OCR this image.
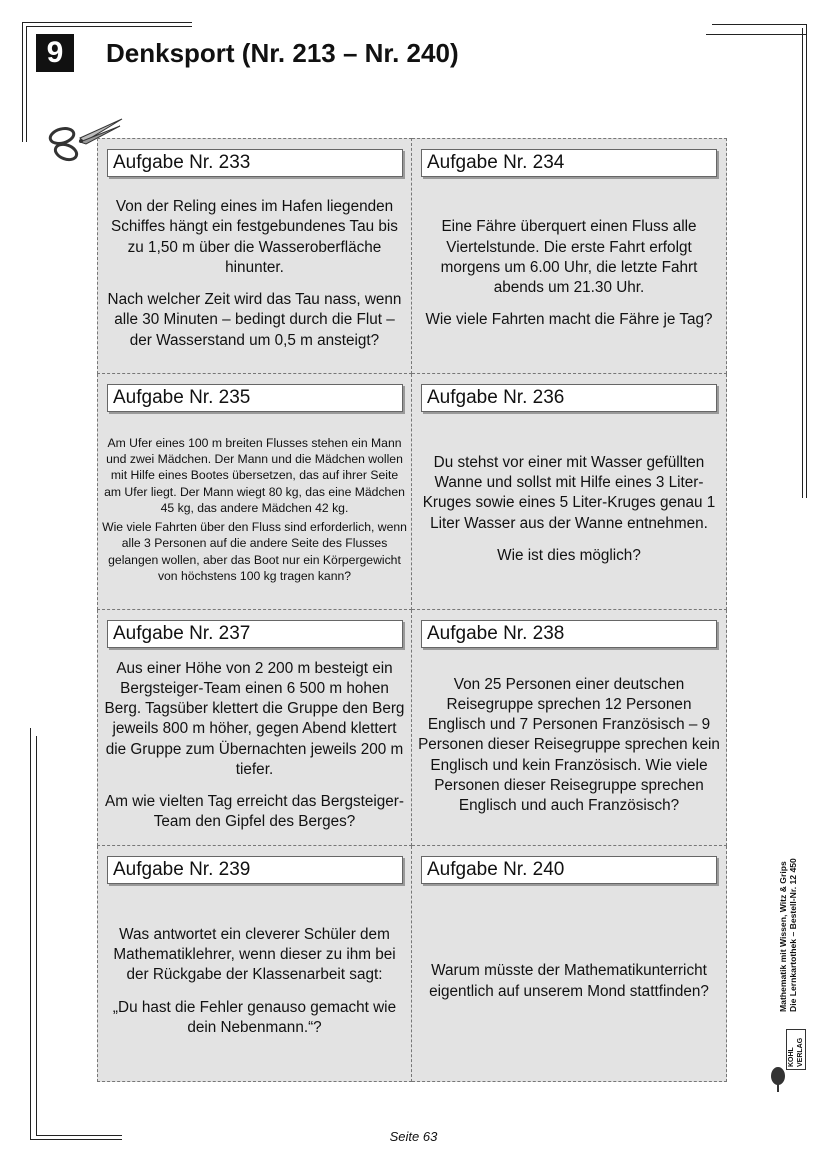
9	Denksport (Nr. 213 – Nr. 240)
Aufgabe Nr. 233

Von der Reling eines im Hafen liegenden Schiffes hängt ein festgebundenes Tau bis zu 1,50 m über die Wasseroberfläche hinunter.

Nach welcher Zeit wird das Tau nass, wenn alle 30 Minuten – bedingt durch die Flut – der Wasserstand um 0,5 m ansteigt?

Aufgabe Nr. 234

Eine Fähre überquert einen Fluss alle Viertelstunde. Die erste Fahrt erfolgt morgens um 6.00 Uhr, die letzte Fahrt abends um 21.30 Uhr.

Wie viele Fahrten macht die Fähre je Tag?

Aufgabe Nr. 235

Am Ufer eines 100 m breiten Flusses stehen ein Mann und zwei Mädchen. Der Mann und die Mädchen wollen mit Hilfe eines Bootes übersetzen, das auf ihrer Seite am Ufer liegt. Der Mann wiegt 80 kg, das eine Mädchen 45 kg, das andere Mädchen 42 kg.

Wie viele Fahrten über den Fluss sind erforderlich, wenn alle 3 Personen auf die andere Seite des Flusses gelangen wollen, aber das Boot nur ein Körpergewicht von höchstens 100 kg tragen kann?

Aufgabe Nr. 236

Du stehst vor einer mit Wasser gefüllten Wanne und sollst mit Hilfe eines 3 Liter-Kruges sowie eines 5 Liter-Kruges genau 1 Liter Wasser aus der Wanne entnehmen.

Wie ist dies möglich?

Aufgabe Nr. 237

Aus einer Höhe von 2 200 m besteigt ein Bergsteiger-Team einen 6 500 m hohen Berg. Tagsüber klettert die Gruppe den Berg jeweils 800 m höher, gegen Abend klettert die Gruppe zum Übernachten jeweils 200 m tiefer.

Am wie vielten Tag erreicht das Bergsteiger-Team den Gipfel des Berges?

Aufgabe Nr. 238

Von 25 Personen einer deutschen Reisegruppe sprechen 12 Personen Englisch und 7 Personen Französisch – 9 Personen dieser Reisegruppe sprechen kein Englisch und kein Französisch. Wie viele Personen dieser Reisegruppe sprechen Englisch und auch Französisch?

Aufgabe Nr. 239

Was antwortet ein cleverer Schüler dem Mathematiklehrer, wenn dieser zu ihm bei der Rückgabe der Klassenarbeit sagt:

„Du hast die Fehler genauso gemacht wie dein Nebenmann.“?

Aufgabe Nr. 240

Warum müsste der Mathematikunterricht eigentlich auf unserem Mond stattfinden?	Mathematik mit Wissen, Witz & Grips Die Lernkartothek – Bestell-Nr. 12 450
KOHL VERLAG
Seite 63
